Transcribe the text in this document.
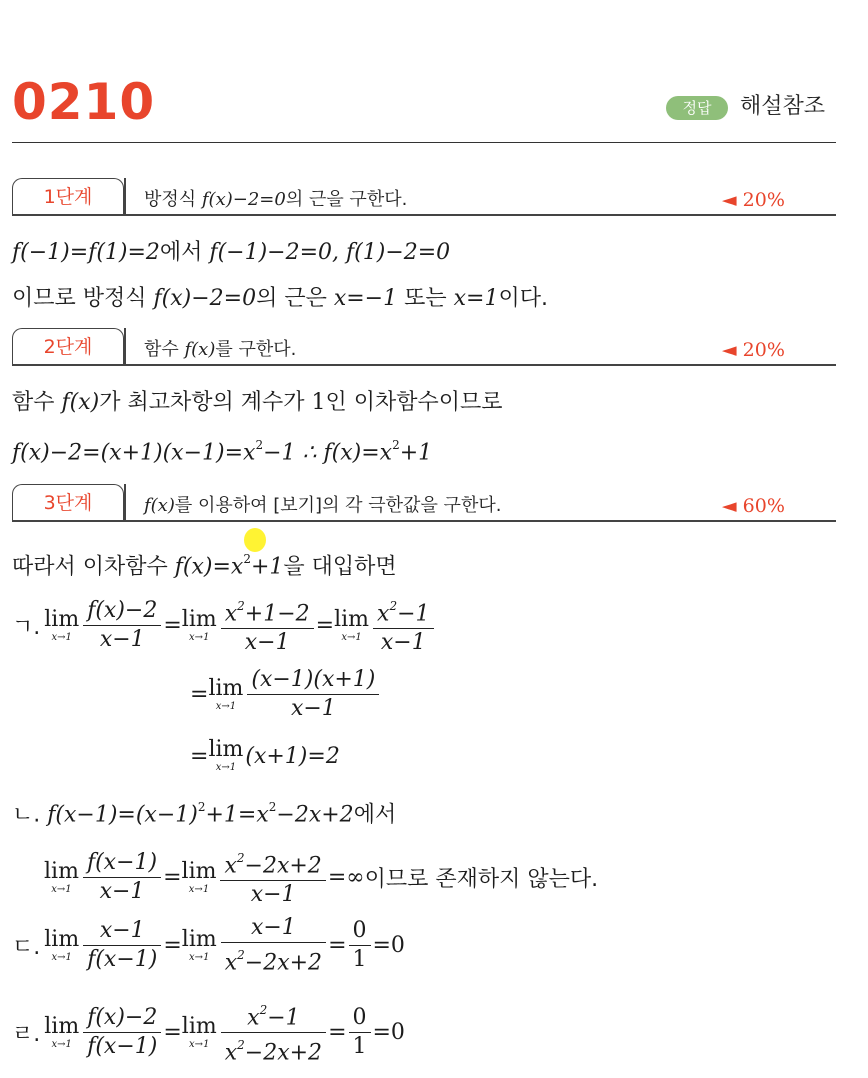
0210	정답	해설참조
1단계	방정식 f(x)−2=0의 근을 구한다.	◄ 20%
f(−1)=f(1)=2에서 f(−1)−2=0, f(1)−2=0
이므로 방정식 f(x)−2=0의 근은 x=−1 또는 x=1이다.
2단계	함수 f(x)를 구한다.	◄ 20%
함수 f(x)가 최고차항의 계수가 1인 이차함수이므로
$f(x)-2=(x+1)(x-1)=x^2-1$ ∴ $f(x)=x^2+1$
3단계	f(x)를 이용하여 [보기]의 각 극한값을 구한다.	◄ 60%
따라서 이차함수 $f(x)=x^2+1$을 대입하면
ㄱ. lim
$x\to 1 \frac{f(x)-2}{x-1} = \lim$
$x\to 1 \frac{x^2+1-2}{x-1} = \lim$
$x\to 1 \frac{x^2-1}{x-1}$
= lim
$x\to 1 \frac{(x-1)(x+1)}{x-1}$
= lim
x→1 (x+1)=2
ㄴ. $f(x-1)=(x-1)^2+1=x^2-2x+2$에서
lim
$x\to 1 \frac{f(x-1)}{x-1} = \lim$
$x\to 1 \frac{x^2-2x+2}{x-1}$ =∞ 이므로 존재하지 않는다.
ㄷ. lim
$x\to 1 \frac{x-1}{f(x-1)} = \lim$
$x\to 1 \frac{x-1}{x^2-2x+2} = \frac{0}{1} =0$
ㄹ. lim
$x\to 1 \frac{f(x)-2}{f(x-1)} = \lim$
$x\to 1 \frac{x^2-1}{x^2-2x+2} = \frac{0}{1} =0$
